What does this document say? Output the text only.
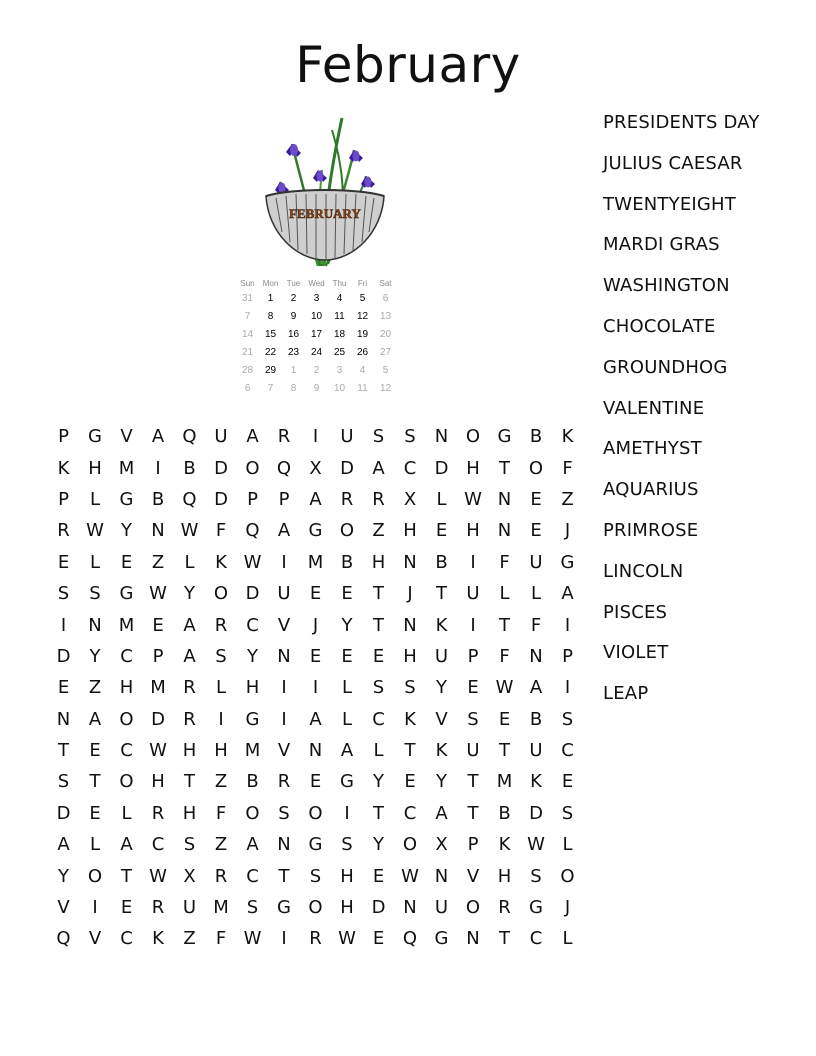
February
FEBRUARY
Sun	Mon	Tue	Wed	Thu	Fri	Sat
31	1	2	3	4	5	6
7	8	9	10	11	12	13
14	15	16	17	18	19	20
21	22	23	24	25	26	27
28	29	1	2	3	4	5
6	7	8	9	10	11	12
P	G	V	A	Q	U	A	R	I	U	S	S	N	O	G	B	K
K	H	M	I	B	D	O	Q	X	D	A	C	D	H	T	O	F
P	L	G	B	Q	D	P	P	A	R	R	X	L	W	N	E	Z
R	W	Y	N	W	F	Q	A	G	O	Z	H	E	H	N	E	J
E	L	E	Z	L	K	W	I	M	B	H	N	B	I	F	U	G
S	S	G	W	Y	O	D	U	E	E	T	J	T	U	L	L	A
I	N	M	E	A	R	C	V	J	Y	T	N	K	I	T	F	I
D	Y	C	P	A	S	Y	N	E	E	E	H	U	P	F	N	P
E	Z	H	M	R	L	H	I	I	L	S	S	Y	E	W	A	I
N	A	O	D	R	I	G	I	A	L	C	K	V	S	E	B	S
T	E	C	W	H	H	M	V	N	A	L	T	K	U	T	U	C
S	T	O	H	T	Z	B	R	E	G	Y	E	Y	T	M	K	E
D	E	L	R	H	F	O	S	O	I	T	C	A	T	B	D	S
A	L	A	C	S	Z	A	N	G	S	Y	O	X	P	K	W	L
Y	O	T	W	X	R	C	T	S	H	E	W	N	V	H	S	O
V	I	E	R	U	M	S	G	O	H	D	N	U	O	R	G	J
Q	V	C	K	Z	F	W	I	R	W	E	Q	G	N	T	C	L
PRESIDENTS DAY
JULIUS CAESAR
TWENTYEIGHT
MARDI GRAS
WASHINGTON
CHOCOLATE
GROUNDHOG
VALENTINE
AMETHYST
AQUARIUS
PRIMROSE
LINCOLN
PISCES
VIOLET
LEAP
